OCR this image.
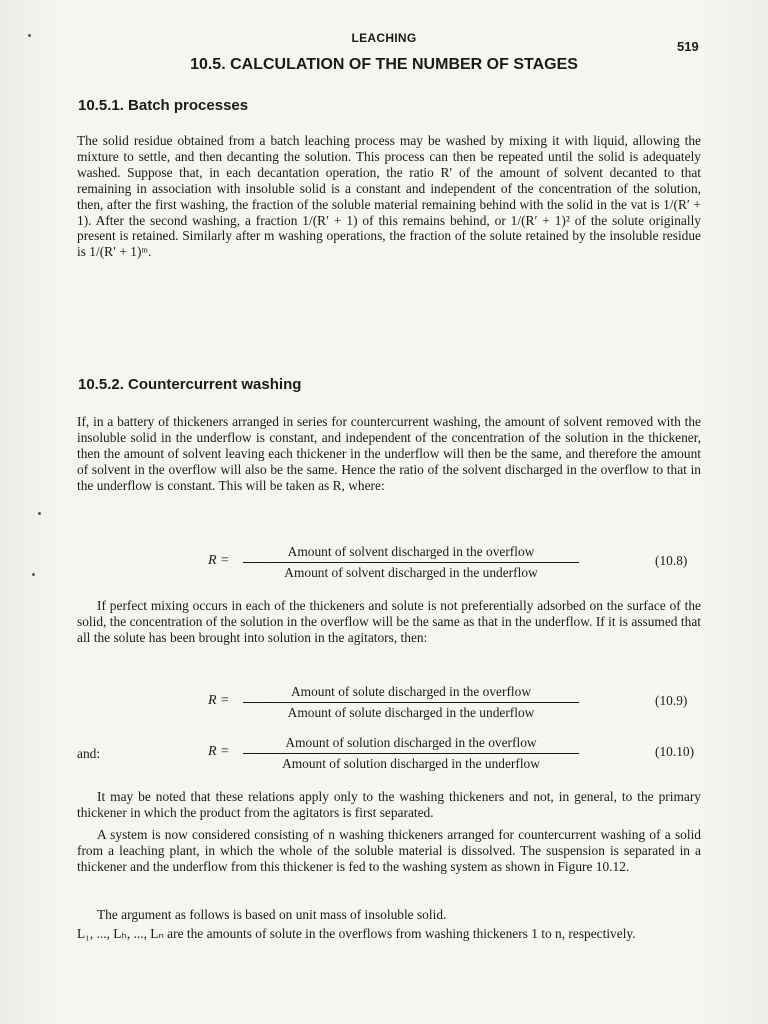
LEACHING
519
10.5. CALCULATION OF THE NUMBER OF STAGES
10.5.1. Batch processes
The solid residue obtained from a batch leaching process may be washed by mixing it with liquid, allowing the mixture to settle, and then decanting the solution. This process can then be repeated until the solid is adequately washed. Suppose that, in each decantation operation, the ratio R′ of the amount of solvent decanted to that remaining in association with insoluble solid is a constant and independent of the concentration of the solution, then, after the first washing, the fraction of the soluble material remaining behind with the solid in the vat is 1/(R′ + 1). After the second washing, a fraction 1/(R′ + 1) of this remains behind, or 1/(R′ + 1)² of the solute originally present is retained. Similarly after m washing operations, the fraction of the solute retained by the insoluble residue is 1/(R′ + 1)ᵐ.
10.5.2. Countercurrent washing
If, in a battery of thickeners arranged in series for countercurrent washing, the amount of solvent removed with the insoluble solid in the underflow is constant, and independent of the concentration of the solution in the thickener, then the amount of solvent leaving each thickener in the underflow will then be the same, and therefore the amount of solvent in the overflow will also be the same. Hence the ratio of the solvent discharged in the overflow to that in the underflow is constant. This will be taken as R, where:
R =
Amount of solvent discharged in the overflow
Amount of solvent discharged in the underflow
(10.8)
If perfect mixing occurs in each of the thickeners and solute is not preferentially adsorbed on the surface of the solid, the concentration of the solution in the overflow will be the same as that in the underflow. If it is assumed that all the solute has been brought into solution in the agitators, then:
R =
Amount of solute discharged in the overflow
Amount of solute discharged in the underflow
(10.9)
and:	R =
Amount of solution discharged in the overflow
Amount of solution discharged in the underflow
(10.10)
It may be noted that these relations apply only to the washing thickeners and not, in general, to the primary thickener in which the product from the agitators is first separated.
A system is now considered consisting of n washing thickeners arranged for countercurrent washing of a solid from a leaching plant, in which the whole of the soluble material is dissolved. The suspension is separated in a thickener and the underflow from this thickener is fed to the washing system as shown in Figure 10.12.
The argument as follows is based on unit mass of insoluble solid.
L₁, ..., Lₕ, ..., Lₙ are the amounts of solute in the overflows from washing thickeners 1 to n, respectively.
